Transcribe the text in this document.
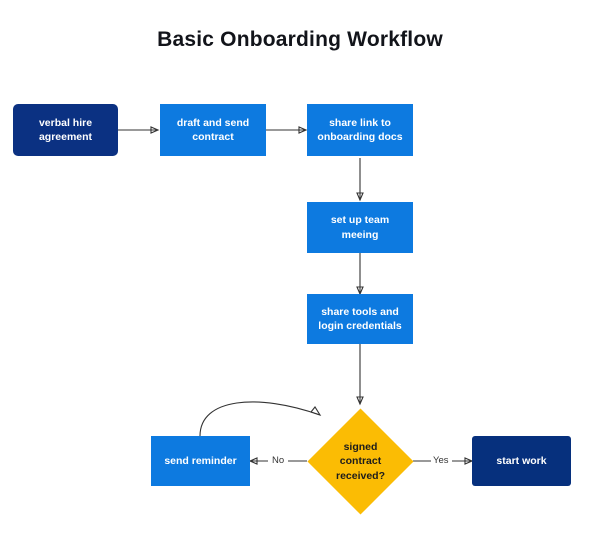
Basic Onboarding Workflow
verbal hire agreement
draft and send contract
share link to onboarding docs
set up team meeing
share tools and login credentials
signed contract received?
send reminder	start work
No	Yes
